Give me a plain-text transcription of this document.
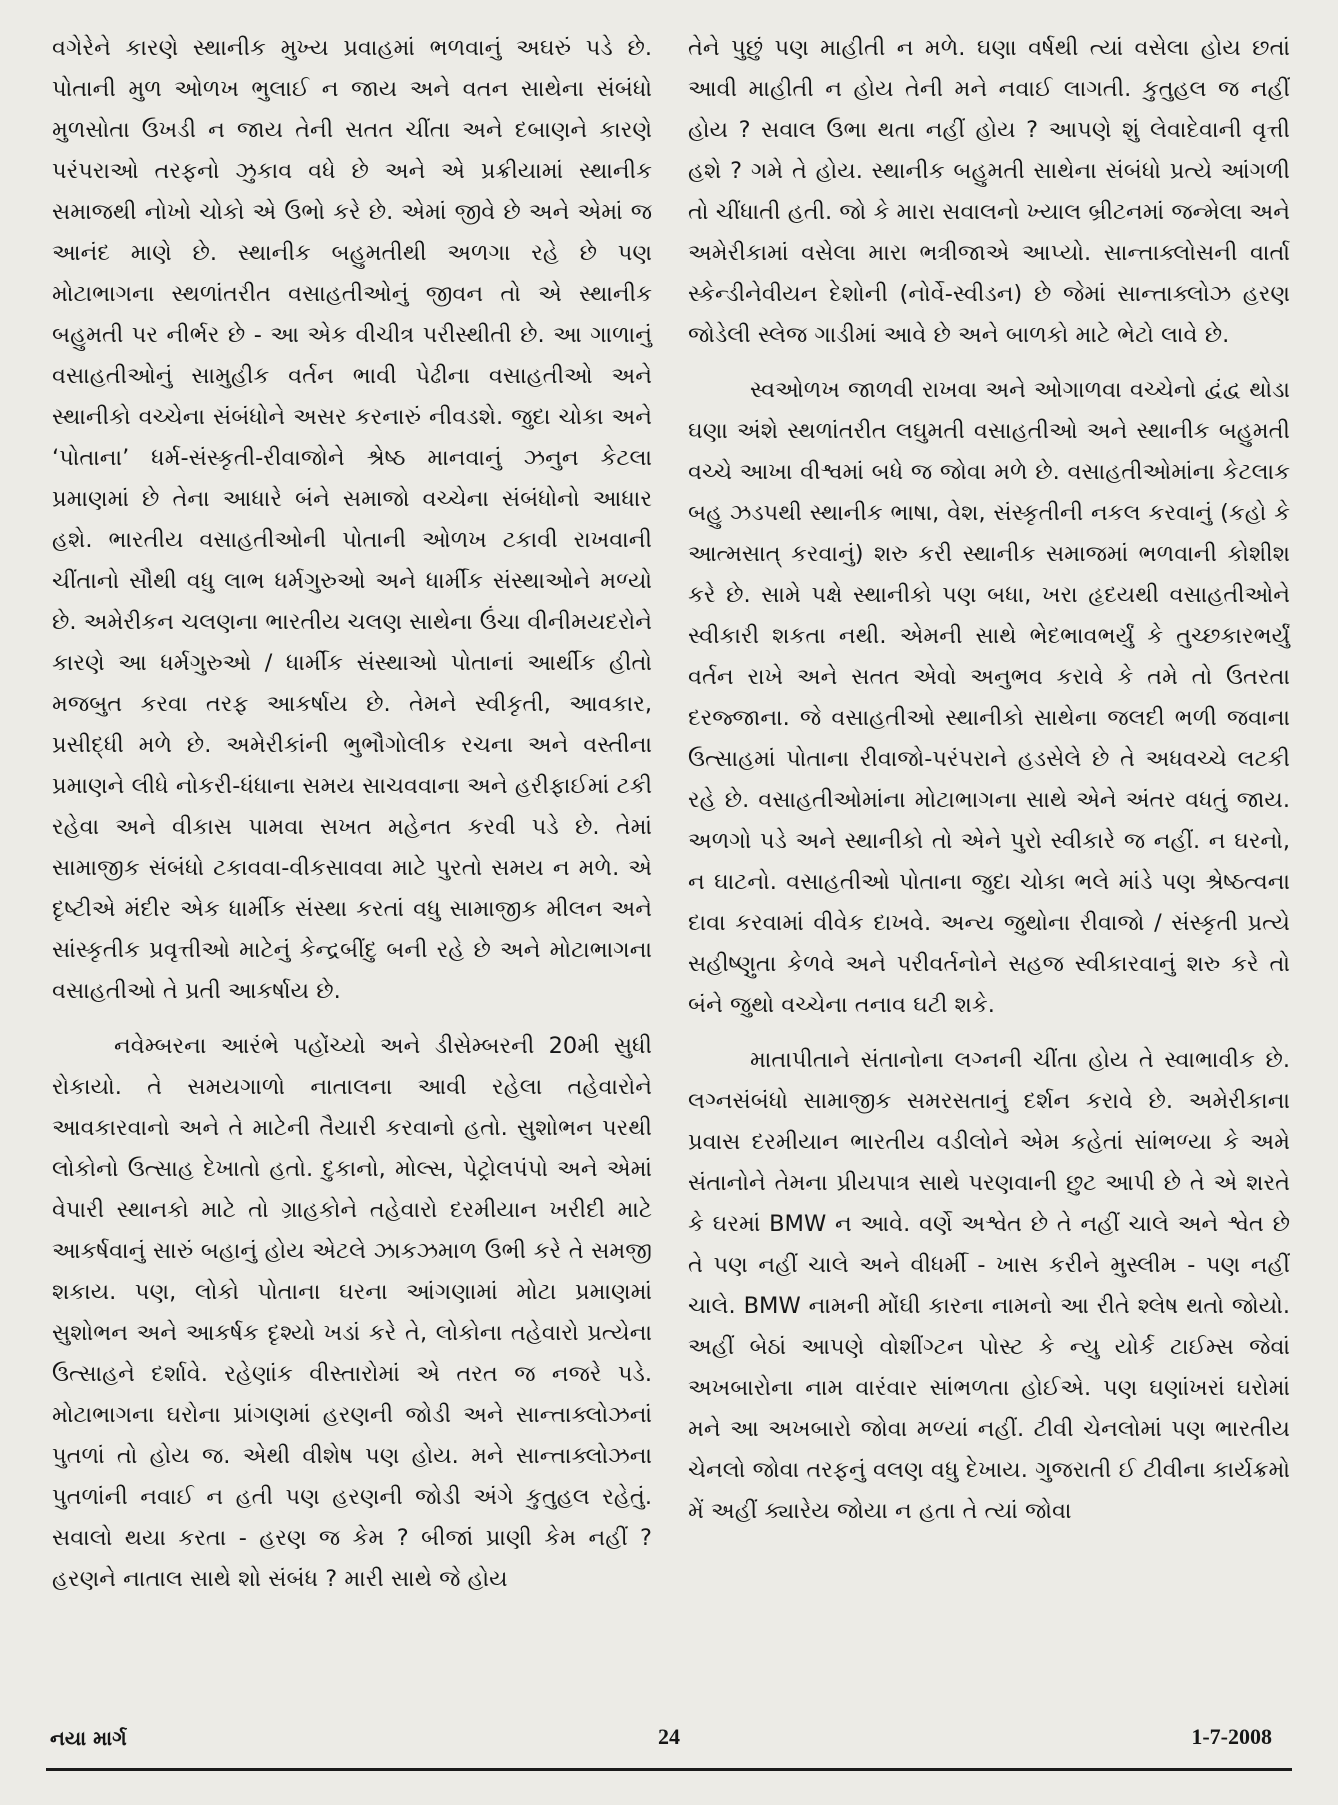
વગેરેને કારણે સ્થાનીક મુખ્ય પ્રવાહમાં ભળવાનું અઘરું પડે છે. પોતાની મુળ ઓળખ ભુલાઈ ન જાય અને વતન સાથેના સંબંધો મુળસોતા ઉખડી ન જાય તેની સતત ચીંતા અને દબાણને કારણે પરંપરાઓ તરફનો ઝુકાવ વધે છે અને એ પ્રક્રીયામાં સ્થાનીક સમાજથી નોખો ચોકો એ ઉભો કરે છે. એમાં જીવે છે અને એમાં જ આનંદ માણે છે. સ્થાનીક બહુમતીથી અળગા રહે છે પણ મોટાભાગના સ્થળાંતરીત વસાહતીઓનું જીવન તો એ સ્થાનીક બહુમતી પર નીર્ભર છે - આ એક વીચીત્ર પરીસ્થીતી છે. આ ગાળાનું વસાહતીઓનું સામુહીક વર્તન ભાવી પેઢીના વસાહતીઓ અને સ્થાનીકો વચ્ચેના સંબંધોને અસર કરનારું નીવડશે. જુદા ચોકા અને ‘પોતાના’ ધર્મ-સંસ્કૃતી-રીવાજોને શ્રેષ્ઠ માનવાનું ઝનુન કેટલા પ્રમાણમાં છે તેના આધારે બંને સમાજો વચ્ચેના સંબંધોનો આધાર હશે. ભારતીય વસાહતીઓની પોતાની ઓળખ ટકાવી રાખવાની ચીંતાનો સૌથી વધુ લાભ ધર્મગુરુઓ અને ધાર્મીક સંસ્થાઓને મળ્યો છે. અમેરીકન ચલણના ભારતીય ચલણ સાથેના ઉંચા વીનીમયદરોને કારણે આ ધર્મગુરુઓ / ધાર્મીક સંસ્થાઓ પોતાનાં આર્થીક હીતો મજબુત કરવા તરફ આકર્ષાય છે. તેમને સ્વીકૃતી, આવકાર, પ્રસીદ્ધી મળે છે. અમેરીકાંની ભુભૌગોલીક રચના અને વસ્તીના પ્રમાણને લીધે નોકરી-ધંધાના સમય સાચવવાના અને હરીફાઈમાં ટકી રહેવા અને વીકાસ પામવા સખત મહેનત કરવી પડે છે. તેમાં સામાજીક સંબંધો ટકાવવા-વીકસાવવા માટે પુરતો સમય ન મળે. એ દૃષ્ટીએ મંદીર એક ધાર્મીક સંસ્થા કરતાં વધુ સામાજીક મીલન અને સાંસ્કૃતીક પ્રવૃત્તીઓ માટેનું કેન્દ્રબીંદુ બની રહે છે અને મોટાભાગના વસાહતીઓ તે પ્રતી આકર્ષાય છે.

નવેમ્બરના આરંભે પહોંચ્યો અને ડીસેમ્બરની 20મી સુધી રોકાયો. તે સમયગાળો નાતાલના આવી રહેલા તહેવારોને આવકારવાનો અને તે માટેની તૈયારી કરવાનો હતો. સુશોભન પરથી લોકોનો ઉત્સાહ દેખાતો હતો. દુકાનો, મોલ્સ, પેટ્રોલપંપો અને એમાં વેપારી સ્થાનકો માટે તો ગ્રાહકોને તહેવારો દરમીયાન ખરીદી માટે આકર્ષવાનું સારું બહાનું હોય એટલે ઝાકઝમાળ ઉભી કરે તે સમજી શકાય. પણ, લોકો પોતાના ઘરના આંગણામાં મોટા પ્રમાણમાં સુશોભન અને આકર્ષક દૃશ્યો ખડાં કરે તે, લોકોના તહેવારો પ્રત્યેના ઉત્સાહને દર્શાવે. રહેણાંક વીસ્તારોમાં એ તરત જ નજરે પડે. મોટાભાગના ઘરોના પ્રાંગણમાં હરણની જોડી અને સાન્તાક્લોઝનાં પુતળાં તો હોય જ. એથી વીશેષ પણ હોય. મને સાન્તાક્લોઝના પુતળાંની નવાઈ ન હતી પણ હરણની જોડી અંગે કુતુહલ રહેતું. સવાલો થયા કરતા - હરણ જ કેમ ? બીજાં પ્રાણી કેમ નહીં ? હરણને નાતાલ સાથે શો સંબંધ ? મારી સાથે જે હોય

તેને પુછું પણ માહીતી ન મળે. ઘણા વર્ષથી ત્યાં વસેલા હોય છતાં આવી માહીતી ન હોય તેની મને નવાઈ લાગતી. કુતુહલ જ નહીં હોય ? સવાલ ઉભા થતા નહીં હોય ? આપણે શું લેવાદેવાની વૃત્તી હશે ? ગમે તે હોય. સ્થાનીક બહુમતી સાથેના સંબંધો પ્રત્યે આંગળી તો ચીંધાતી હતી. જો કે મારા સવાલનો ખ્યાલ બ્રીટનમાં જન્મેલા અને અમેરીકામાં વસેલા મારા ભત્રીજાએ આપ્યો. સાન્તાક્લોસની વાર્તા સ્કેન્ડીનેવીયન દેશોની (નોર્વે-સ્વીડન) છે જેમાં સાન્તાક્લોઝ હરણ જોડેલી સ્લેજ ગાડીમાં આવે છે અને બાળકો માટે ભેટો લાવે છે.

સ્વઓળખ જાળવી રાખવા અને ઓગાળવા વચ્ચેનો દ્વંદ્વ થોડા ઘણા અંશે સ્થળાંતરીત લઘુમતી વસાહતીઓ અને સ્થાનીક બહુમતી વચ્ચે આખા વીશ્વમાં બધે જ જોવા મળે છે. વસાહતીઓમાંના કેટલાક બહુ ઝડપથી સ્થાનીક ભાષા, વેશ, સંસ્કૃતીની નકલ કરવાનું (કહો કે આત્મસાત્ કરવાનું) શરુ કરી સ્થાનીક સમાજમાં ભળવાની કોશીશ કરે છે. સામે પક્ષે સ્થાનીકો પણ બધા, ખરા હૃદયથી વસાહતીઓને સ્વીકારી શકતા નથી. એમની સાથે ભેદભાવભર્યું કે તુચ્છકારભર્યું વર્તન રાખે અને સતત એવો અનુભવ કરાવે કે તમે તો ઉતરતા દરજ્જાના. જે વસાહતીઓ સ્થાનીકો સાથેના જલદી ભળી જવાના ઉત્સાહમાં પોતાના રીવાજો-પરંપરાને હડસેલે છે તે અધવચ્ચે લટકી રહે છે. વસાહતીઓમાંના મોટાભાગના સાથે એને અંતર વધતું જાય. અળગો પડે અને સ્થાનીકો તો એને પુરો સ્વીકારે જ નહીં. ન ઘરનો, ન ઘાટનો. વસાહતીઓ પોતાના જુદા ચોકા ભલે માંડે પણ શ્રેષ્ઠત્વના દાવા કરવામાં વીવેક દાખવે. અન્ય જુથોના રીવાજો / સંસ્કૃતી પ્રત્યે સહીષ્ણુતા કેળવે અને પરીવર્તનોને સહજ સ્વીકારવાનું શરુ કરે તો બંને જુથો વચ્ચેના તનાવ ઘટી શકે.

માતાપીતાને સંતાનોના લગ્નની ચીંતા હોય તે સ્વાભાવીક છે. લગ્નસંબંધો સામાજીક સમરસતાનું દર્શન કરાવે છે. અમેરીકાના પ્રવાસ દરમીયાન ભારતીય વડીલોને એમ કહેતાં સાંભળ્યા કે અમે સંતાનોને તેમના પ્રીયપાત્ર સાથે પરણવાની છુટ આપી છે તે એ શરતે કે ઘરમાં BMW ન આવે. વર્ણે અશ્વેત છે તે નહીં ચાલે અને શ્વેત છે તે પણ નહીં ચાલે અને વીધર્મી - ખાસ કરીને મુસ્લીમ - પણ નહીં ચાલે. BMW નામની મોંઘી કારના નામનો આ રીતે શ્લેષ થતો જોયો. અહીં બેઠાં આપણે વોશીંગ્ટન પોસ્ટ કે ન્યુ યોર્ક ટાઈમ્સ જેવાં અખબારોના નામ વારંવાર સાંભળતા હોઈએ. પણ ઘણાંખરાં ઘરોમાં મને આ અખબારો જોવા મળ્યાં નહીં. ટીવી ચેનલોમાં પણ ભારતીય ચેનલો જોવા તરફનું વલણ વધુ દેખાય. ગુજરાતી ઈ ટીવીના કાર્યક્રમો મેં અહીં ક્યારેય જોયા ન હતા તે ત્યાં જોવા

નયા માર્ગ	24	1-7-2008
